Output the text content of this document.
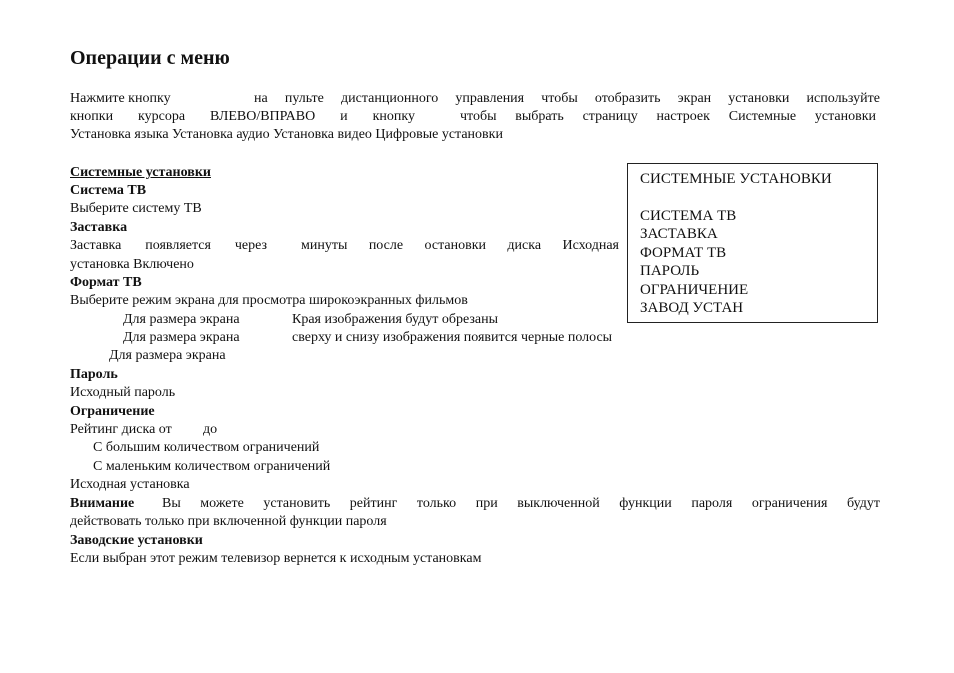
Операции с меню
Нажмите кнопку	на пульте дистанционного управления чтобы отобразить экран установки используйте
кнопки курсора ВЛЕВО/ВПРАВО и кнопку	чтобы выбрать страницу настроек Системные установки
Установка языка Установка аудио Установка видео Цифровые установки
Системные установки
Система ТВ
Выберите систему ТВ
Заставка
Заставка появляется через минуты после остановки диска Исходная
установка Включено
Формат ТВ
Выберите режим экрана для просмотра широкоэкранных фильмов
Для размера экрана	Края изображения будут обрезаны
Для размера экрана	сверху и снизу изображения появится черные полосы
Для размера экрана
Пароль
Исходный пароль
Ограничение
Рейтинг диска от до
С большим количеством ограничений
С маленьким количеством ограничений
Исходная установка
Внимание Вы можете установить рейтинг только при выключенной функции пароля ограничения будут
действовать только при включенной функции пароля
Заводские установки
Если выбран этот режим телевизор вернется к исходным установкам
СИСТЕМНЫЕ УСТАНОВКИ
СИСТЕМА ТВ
ЗАСТАВКА
ФОРМАТ ТВ
ПАРОЛЬ
ОГРАНИЧЕНИЕ
ЗАВОД УСТАН
